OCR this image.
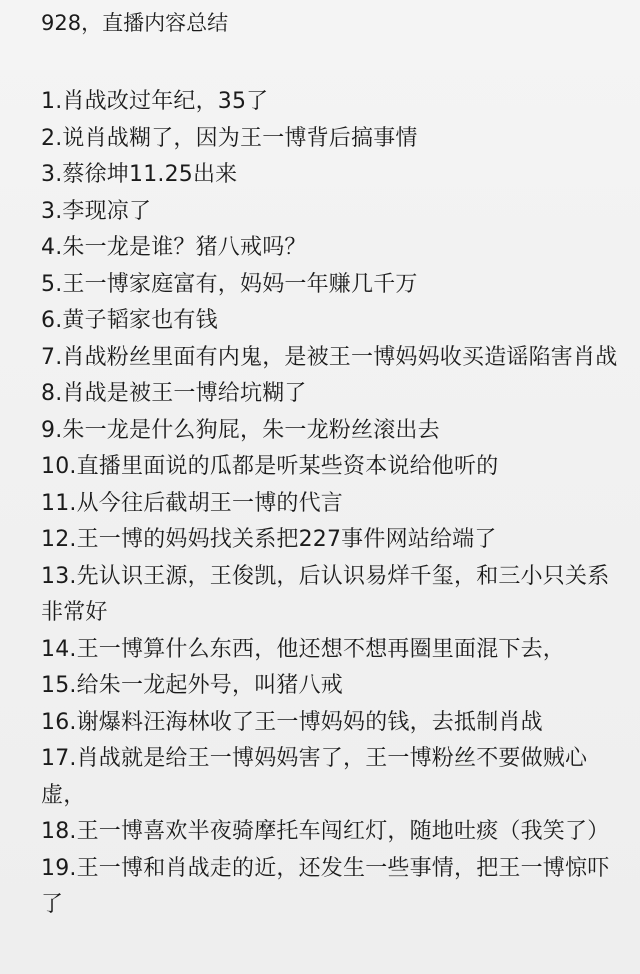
928，直播内容总结
1.肖战改过年纪，35了
2.说肖战糊了，因为王一博背后搞事情
3.蔡徐坤11.25出来
3.李现凉了
4.朱一龙是谁？猪八戒吗？
5.王一博家庭富有，妈妈一年赚几千万
6.黄子韬家也有钱
7.肖战粉丝里面有内鬼，是被王一博妈妈收买造谣陷害肖战
8.肖战是被王一博给坑糊了
9.朱一龙是什么狗屁，朱一龙粉丝滚出去
10.直播里面说的瓜都是听某些资本说给他听的
11.从今往后截胡王一博的代言
12.王一博的妈妈找关系把227事件网站给端了
13.先认识王源，王俊凯，后认识易烊千玺，和三小只关系非常好
14.王一博算什么东西，他还想不想再圈里面混下去，
15.给朱一龙起外号，叫猪八戒
16.谢爆料汪海林收了王一博妈妈的钱，去抵制肖战
17.肖战就是给王一博妈妈害了，王一博粉丝不要做贼心虚，
18.王一博喜欢半夜骑摩托车闯红灯，随地吐痰（我笑了）
19.王一博和肖战走的近，还发生一些事情，把王一博惊吓了
